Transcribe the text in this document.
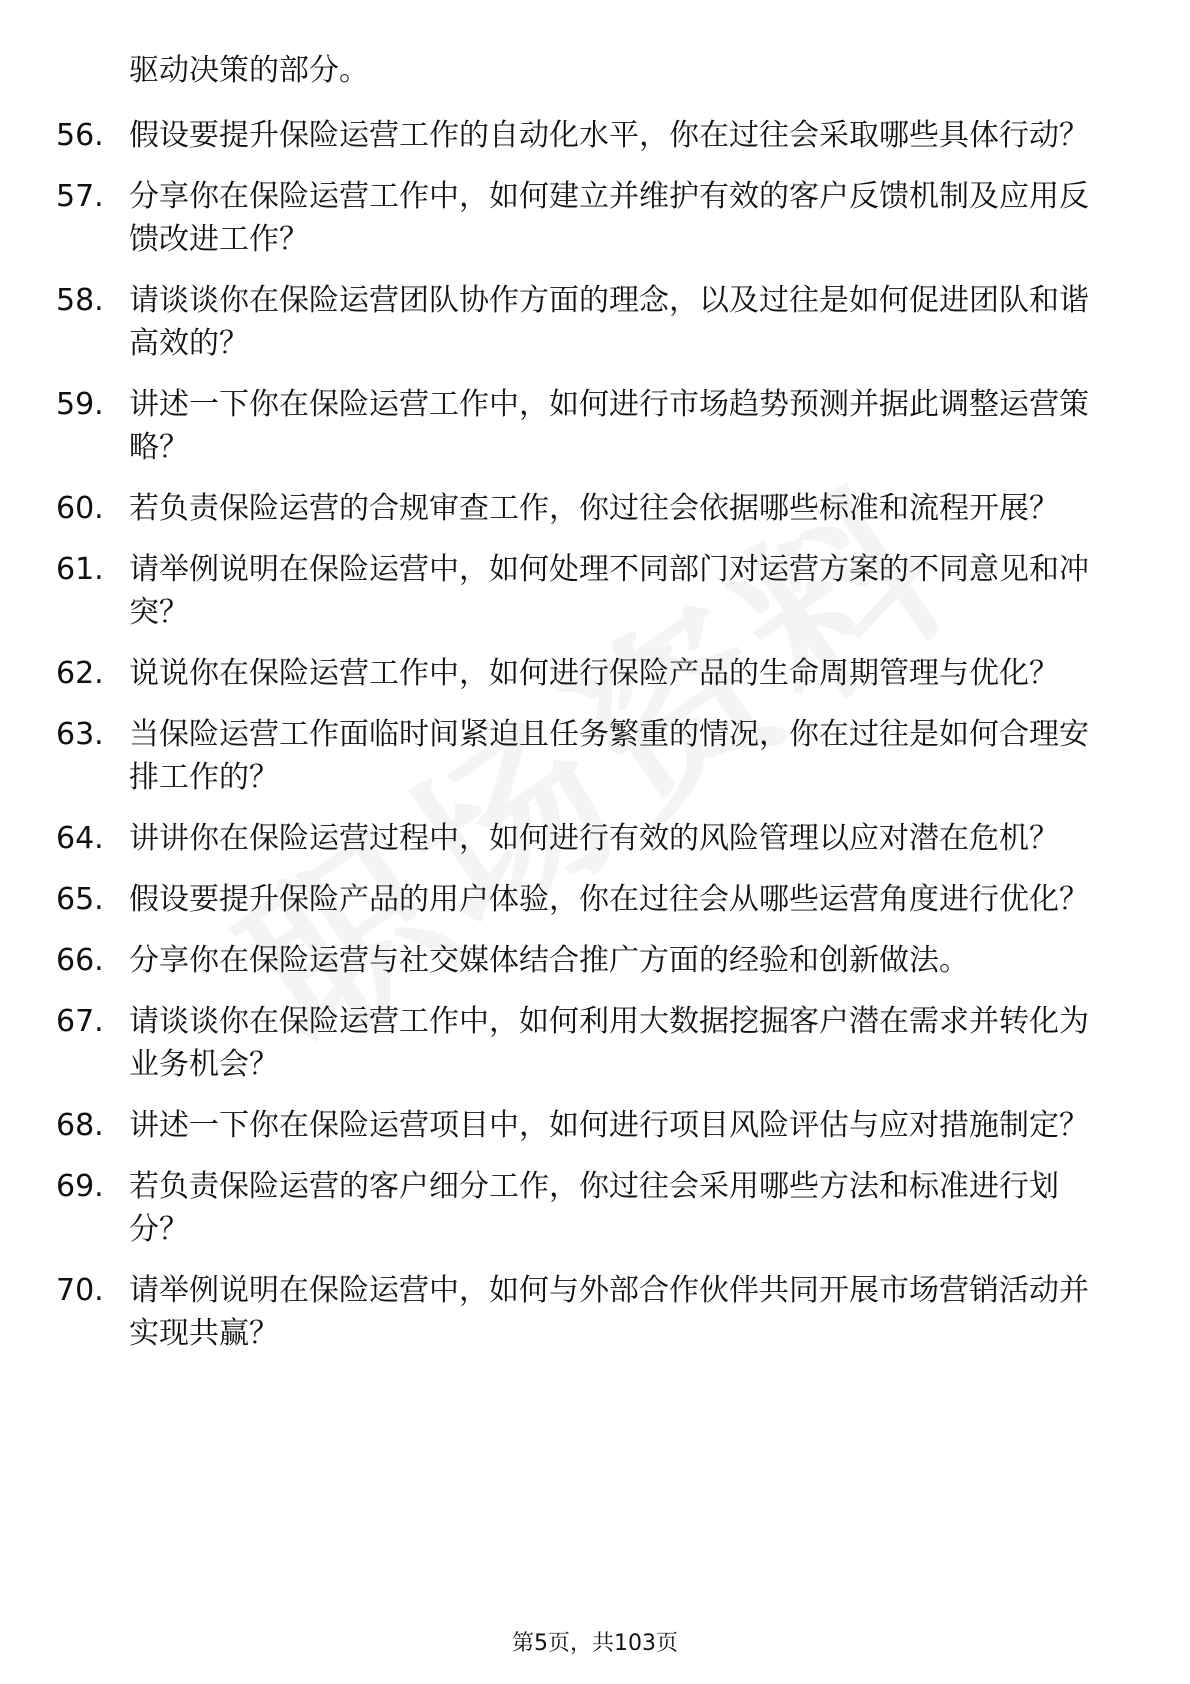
驱动决策的部分。
56. 假设要提升保险运营工作的自动化水平，你在过往会采取哪些具体行动？
57. 分享你在保险运营工作中，如何建立并维护有效的客户反馈机制及应用反馈改进工作？
58. 请谈谈你在保险运营团队协作方面的理念，以及过往是如何促进团队和谐高效的？
59. 讲述一下你在保险运营工作中，如何进行市场趋势预测并据此调整运营策略？
60. 若负责保险运营的合规审查工作，你过往会依据哪些标准和流程开展？
61. 请举例说明在保险运营中，如何处理不同部门对运营方案的不同意见和冲突？
62. 说说你在保险运营工作中，如何进行保险产品的生命周期管理与优化？
63. 当保险运营工作面临时间紧迫且任务繁重的情况，你在过往是如何合理安排工作的？
64. 讲讲你在保险运营过程中，如何进行有效的风险管理以应对潜在危机？
65. 假设要提升保险产品的用户体验，你在过往会从哪些运营角度进行优化？
66. 分享你在保险运营与社交媒体结合推广方面的经验和创新做法。
67. 请谈谈你在保险运营工作中，如何利用大数据挖掘客户潜在需求并转化为业务机会？
68. 讲述一下你在保险运营项目中，如何进行项目风险评估与应对措施制定？
69. 若负责保险运营的客户细分工作，你过往会采用哪些方法和标准进行划分？
70. 请举例说明在保险运营中，如何与外部合作伙伴共同开展市场营销活动并实现共赢？
第5页，共103页
